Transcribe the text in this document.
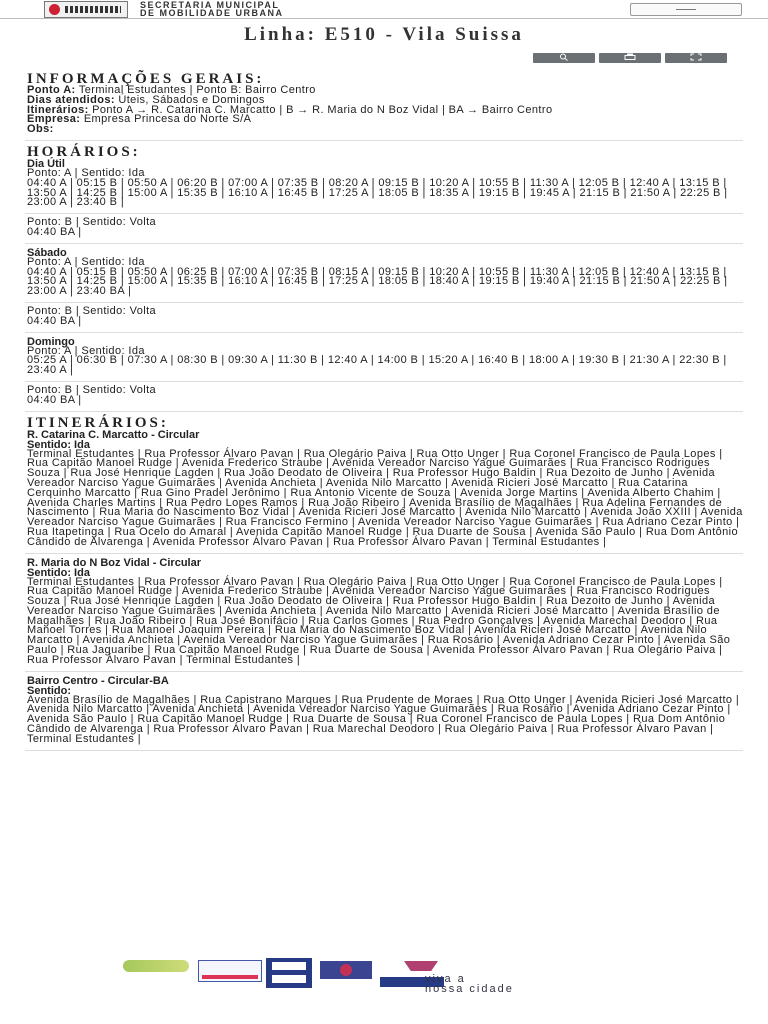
SECRETARIA MUNICIPAL
DE MOBILIDADE URBANA
Linha: E510 - Vila Suissa
INFORMAÇÕES GERAIS:

Ponto A: Terminal Estudantes | Ponto B: Bairro Centro

Dias atendidos: Úteis, Sábados e Domingos

Itinerários: Ponto A → R. Catarina C. Marcatto | B → R. Maria do N Boz Vidal | BA → Bairro Centro

Empresa: Empresa Princesa do Norte S/A

Obs:

HORÁRIOS:

Dia Útil

Ponto: A | Sentido: Ida

04:40 A | 05:15 B | 05:50 A | 06:20 B | 07:00 A | 07:35 B | 08:20 A | 09:15 B | 10:20 A | 10:55 B | 11:30 A | 12:05 B | 12:40 A | 13:15 B | 13:50 A | 14:25 B | 15:00 A | 15:35 B | 16:10 A | 16:45 B | 17:25 A | 18:05 B | 18:35 A | 19:15 B | 19:45 A | 21:15 B | 21:50 A | 22:25 B | 23:00 A | 23:40 B |

Ponto: B | Sentido: Volta

04:40 BA |

Sábado

Ponto: A | Sentido: Ida

04:40 A | 05:15 B | 05:50 A | 06:25 B | 07:00 A | 07:35 B | 08:15 A | 09:15 B | 10:20 A | 10:55 B | 11:30 A | 12:05 B | 12:40 A | 13:15 B | 13:50 A | 14:25 B | 15:00 A | 15:35 B | 16:10 A | 16:45 B | 17:25 A | 18:05 B | 18:40 A | 19:15 B | 19:40 A | 21:15 B | 21:50 A | 22:25 B | 23:00 A | 23:40 BA |

Ponto: B | Sentido: Volta

04:40 BA |

Domingo

Ponto: A | Sentido: Ida

05:25 A | 06:30 B | 07:30 A | 08:30 B | 09:30 A | 11:30 B | 12:40 A | 14:00 B | 15:20 A | 16:40 B | 18:00 A | 19:30 B | 21:30 A | 22:30 B | 23:40 A |

Ponto: B | Sentido: Volta

04:40 BA |

ITINERÁRIOS:

R. Catarina C. Marcatto - Circular

Sentido: Ida

Terminal Estudantes | Rua Professor Álvaro Pavan | Rua Olegário Paiva | Rua Otto Unger | Rua Coronel Francisco de Paula Lopes | Rua Capitão Manoel Rudge | Avenida Frederico Straube | Avenida Vereador Narciso Yague Guimarães | Rua Francisco Rodrigues Souza | Rua José Henrique Lagden | Rua João Deodato de Oliveira | Rua Professor Hugo Baldin | Rua Dezoito de Junho | Avenida Vereador Narciso Yague Guimarães | Avenida Anchieta | Avenida Nilo Marcatto | Avenida Ricieri José Marcatto | Rua Catarina Cerquinho Marcatto | Rua Gino Pradel Jerônimo | Rua Antonio Vicente de Souza | Avenida Jorge Martins | Avenida Alberto Chahim | Avenida Charles Martins | Rua Pedro Lopes Ramos | Rua João Ribeiro | Avenida Brasílio de Magalhães | Rua Adelina Fernandes de Nascimento | Rua Maria do Nascimento Boz Vidal | Avenida Ricieri José Marcatto | Avenida Nilo Marcatto | Avenida João XXIII | Avenida Vereador Narciso Yague Guimarães | Rua Francisco Fermino | Avenida Vereador Narciso Yague Guimarães | Rua Adriano Cezar Pinto | Rua Itapetinga | Rua Ocelo do Amaral | Avenida Capitão Manoel Rudge | Rua Duarte de Sousa | Avenida São Paulo | Rua Dom Antônio Cândido de Alvarenga | Avenida Professor Álvaro Pavan | Rua Professor Álvaro Pavan | Terminal Estudantes |

R. Maria do N Boz Vidal - Circular

Sentido: Ida

Terminal Estudantes | Rua Professor Álvaro Pavan | Rua Olegário Paiva | Rua Otto Unger | Rua Coronel Francisco de Paula Lopes | Rua Capitão Manoel Rudge | Avenida Frederico Straube | Avenida Vereador Narciso Yague Guimarães | Rua Francisco Rodrigues Souza | Rua José Henrique Lagden | Rua João Deodato de Oliveira | Rua Professor Hugo Baldin | Rua Dezoito de Junho | Avenida Vereador Narciso Yague Guimarães | Avenida Anchieta | Avenida Nilo Marcatto | Avenida Ricieri José Marcatto | Avenida Brasílio de Magalhães | Rua João Ribeiro | Rua José Bonifácio | Rua Carlos Gomes | Rua Pedro Gonçalves | Avenida Marechal Deodoro | Rua Manoel Torres | Rua Manoel Joaquim Pereira | Rua Maria do Nascimento Boz Vidal | Avenida Ricieri José Marcatto | Avenida Nilo Marcatto | Avenida Anchieta | Avenida Vereador Narciso Yague Guimarães | Rua Rosário | Avenida Adriano Cezar Pinto | Avenida São Paulo | Rua Jaguaribe | Rua Capitão Manoel Rudge | Rua Duarte de Sousa | Avenida Professor Álvaro Pavan | Rua Olegário Paiva | Rua Professor Álvaro Pavan | Terminal Estudantes |

Bairro Centro - Circular-BA

Sentido:

Avenida Brasílio de Magalhães | Rua Capistrano Marques | Rua Prudente de Moraes | Rua Otto Unger | Avenida Ricieri José Marcatto | Avenida Nilo Marcatto | Avenida Anchieta | Avenida Vereador Narciso Yague Guimarães | Rua Rosário | Avenida Adriano Cezar Pinto | Avenida São Paulo | Rua Capitão Manoel Rudge | Rua Duarte de Sousa | Rua Coronel Francisco de Paula Lopes | Rua Dom Antônio Cândido de Alvarenga | Rua Professor Álvaro Pavan | Rua Marechal Deodoro | Rua Olegário Paiva | Rua Professor Álvaro Pavan | Terminal Estudantes |

viva a
nossa cidade
